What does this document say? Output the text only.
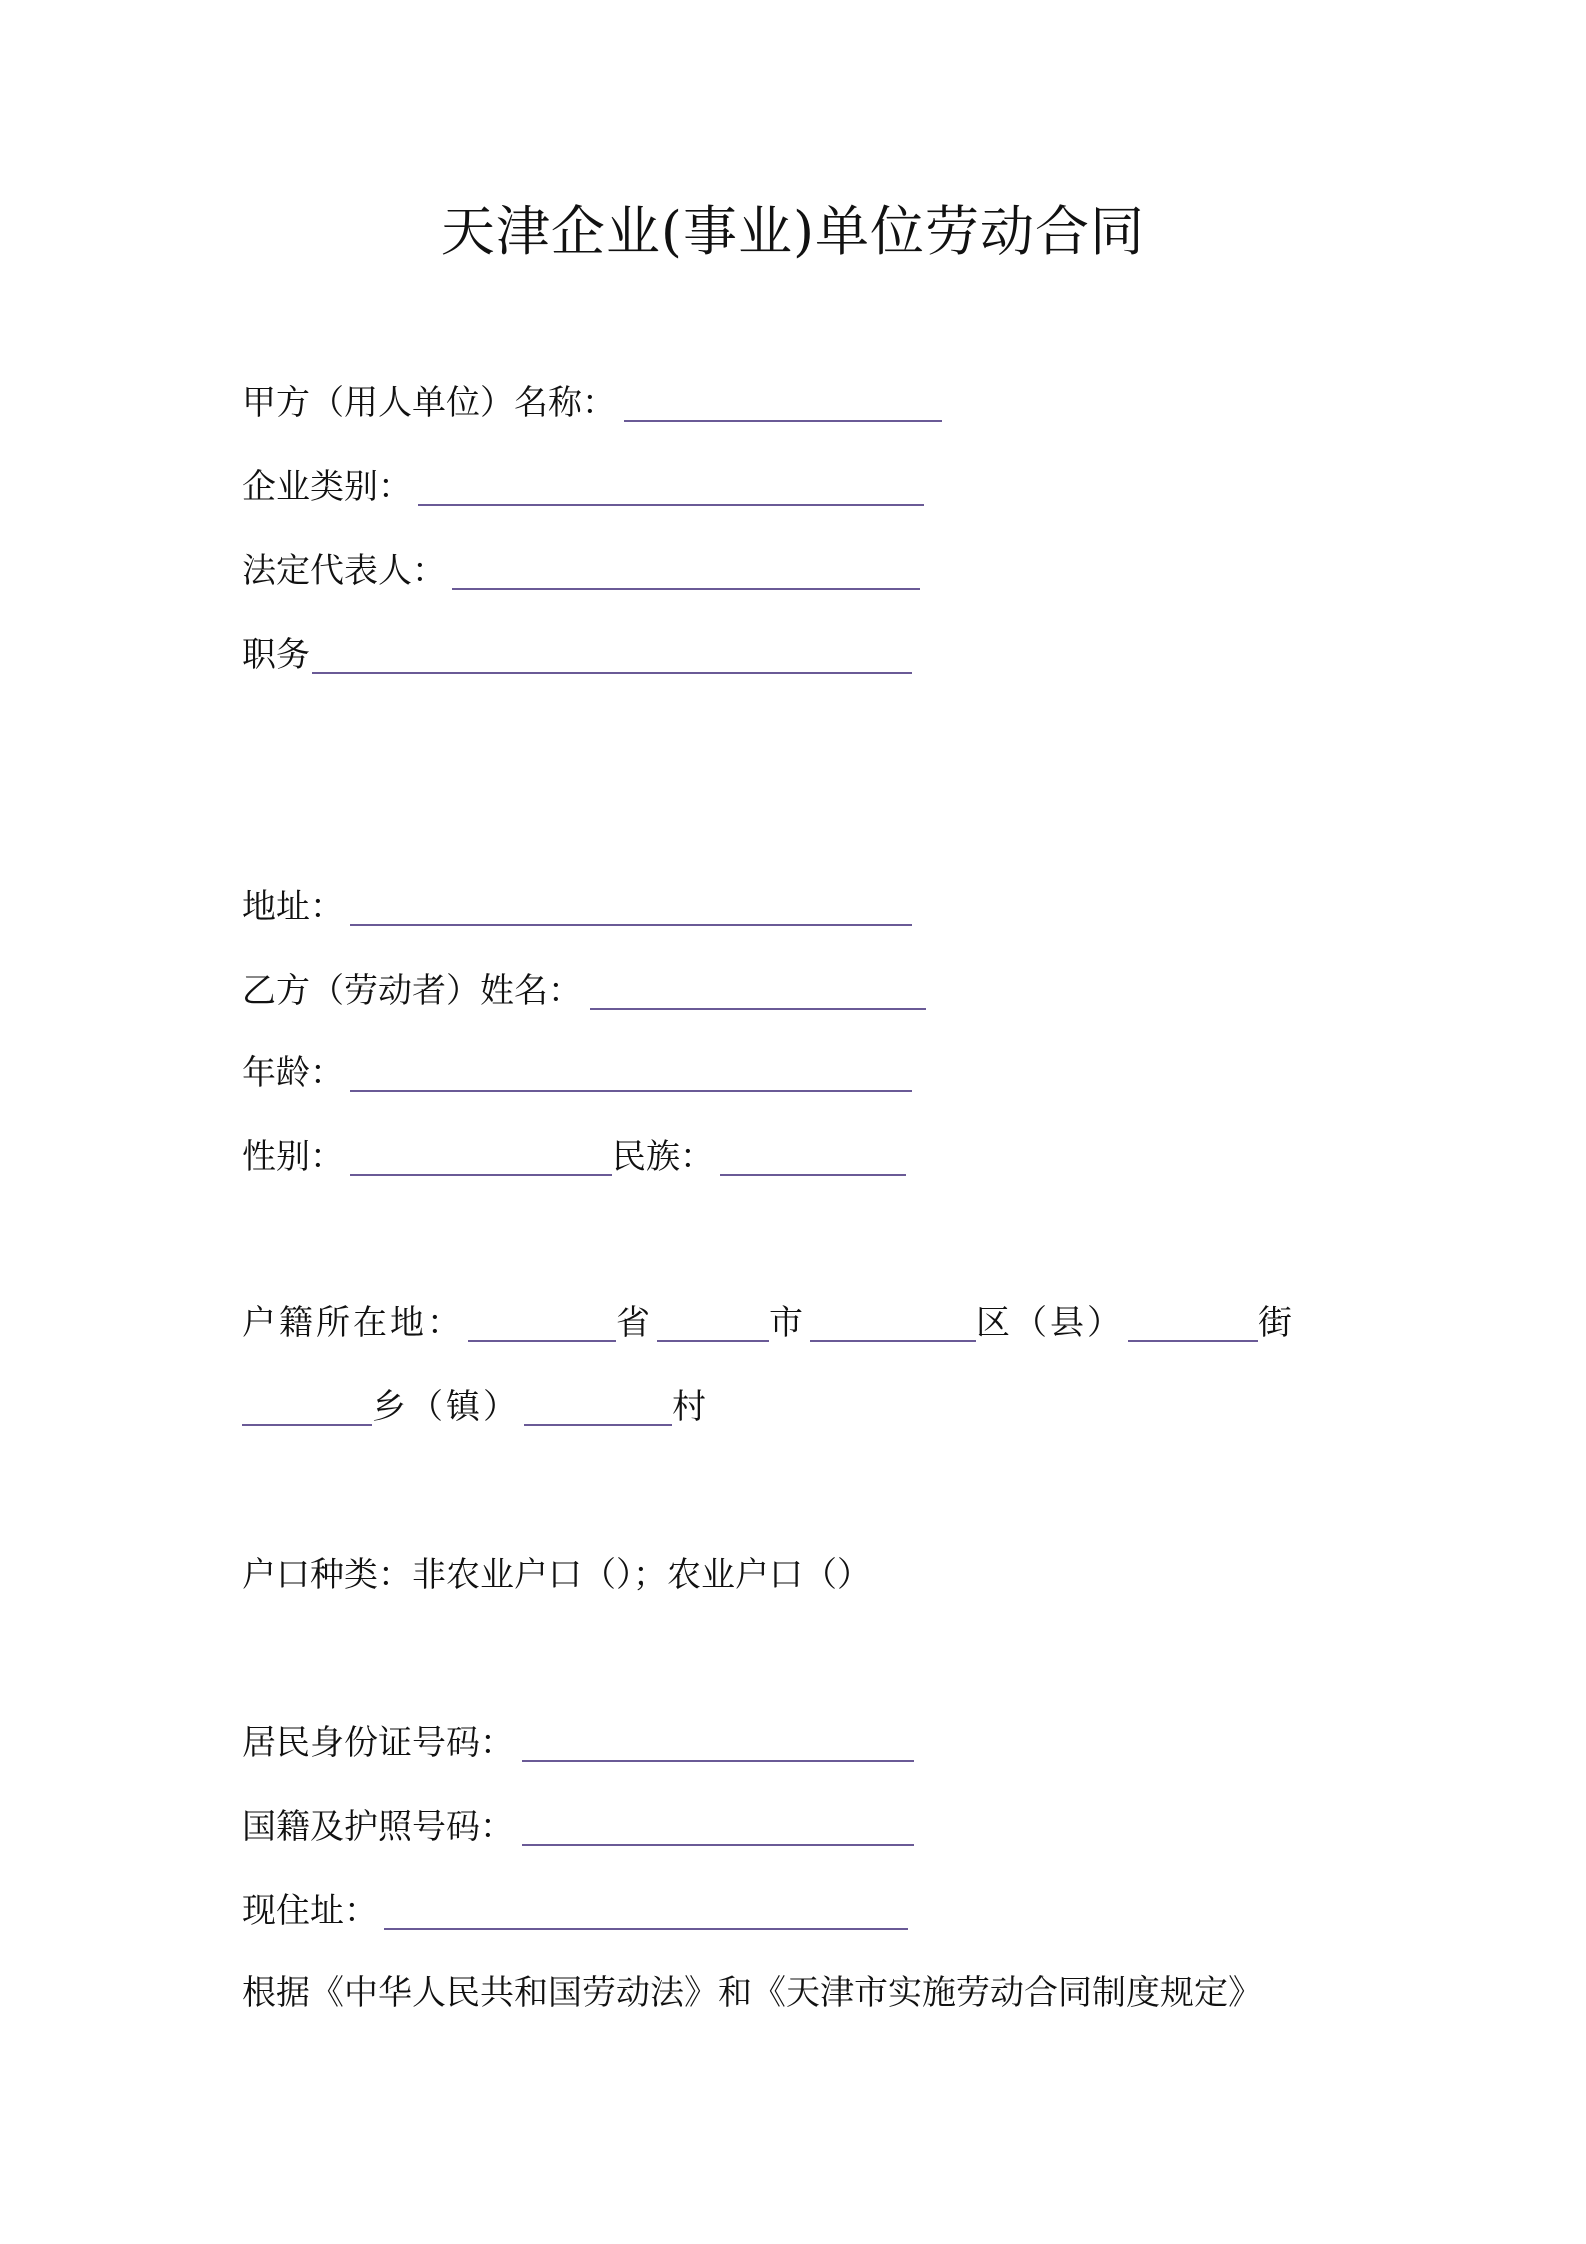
天津企业(事业)单位劳动合同
甲方（用人单位）名称：
企业类别：
法定代表人：
职务
地址：
乙方（劳动者）姓名：
年龄：
性别：	民族：
户籍所在地：	省	市	区（县）	街
乡（镇）	村
户口种类：非农业户口（）；农业户口（）
居民身份证号码：
国籍及护照号码：
现住址：
根据《中华人民共和国劳动法》和《天津市实施劳动合同制度规定》
